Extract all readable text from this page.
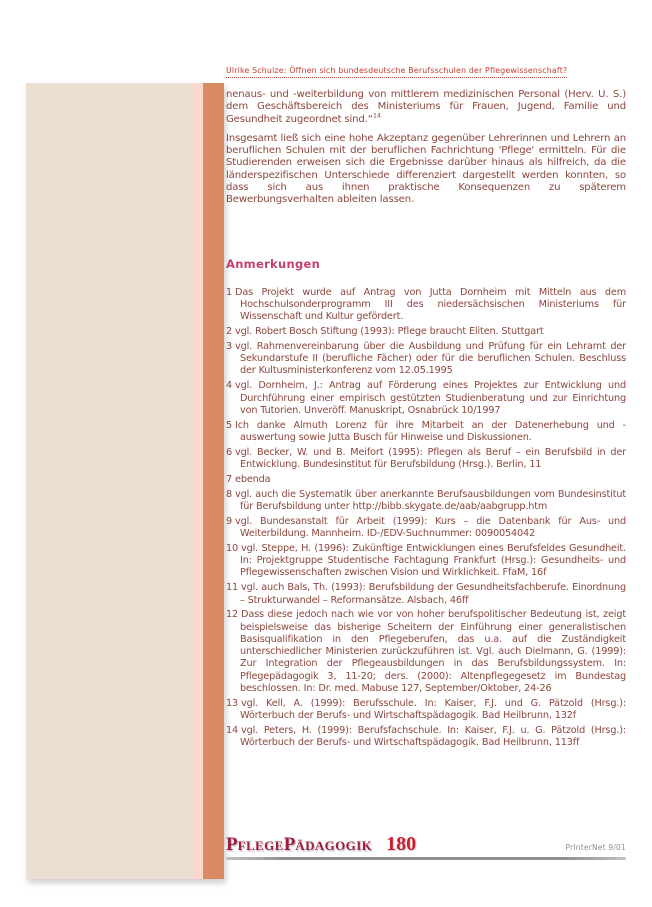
Ulrike Schulze: Öffnen sich bundesdeutsche Berufsschulen der Pflegewissenschaft?

nenaus- und -weiterbildung von mittlerem medizinischen Personal (Herv. U. S.) dem Geschäftsbereich des Ministeriums für Frauen, Jugend, Familie und Gesundheit zugeordnet sind.“$^{14}$

Insgesamt ließ sich eine hohe Akzeptanz gegenüber Lehrerinnen und Lehrern an beruflichen Schulen mit der beruflichen Fachrichtung 'Pflege' ermitteln. Für die Studierenden erweisen sich die Ergebnisse darüber hinaus als hilfreich, da die länderspezifischen Unterschiede differenziert dargestellt werden konnten, so dass sich aus ihnen praktische Konsequenzen zu späterem Bewerbungsverhalten ableiten lassen.

Anmerkungen
1 Das Projekt wurde auf Antrag von Jutta Dornheim mit Mitteln aus dem Hochschulsonderprogramm III des niedersächsischen Ministeriums für Wissenschaft und Kultur gefördert.
2 vgl. Robert Bosch Stiftung (1993): Pflege braucht Eliten. Stuttgart
3 vgl. Rahmenvereinbarung über die Ausbildung und Prüfung für ein Lehramt der Sekundarstufe II (berufliche Fächer) oder für die beruflichen Schulen. Beschluss der Kultusministerkonferenz vom 12.05.1995
4 vgl. Dornheim, J.: Antrag auf Förderung eines Projektes zur Entwicklung und Durchführung einer empirisch gestützten Studienberatung und zur Einrichtung von Tutorien. Unveröff. Manuskript, Osnabrück 10/1997
5 Ich danke Almuth Lorenz für ihre Mitarbeit an der Datenerhebung und -auswertung sowie Jutta Busch für Hinweise und Diskussionen.
6 vgl. Becker, W. und B. Meifort (1995): Pflegen als Beruf – ein Berufsbild in der Entwicklung. Bundesinstitut für Berufsbildung (Hrsg.). Berlin, 11
7 ebenda
8 vgl. auch die Systematik über anerkannte Berufsausbildungen vom Bundesinstitut für Berufsbildung unter http://bibb.skygate.de/aab/aabgrupp.htm
9 vgl. Bundesanstalt für Arbeit (1999): Kurs – die Datenbank für Aus- und Weiterbildung. Mannheim. ID-/EDV-Suchnummer: 0090054042
10 vgl. Steppe, H. (1996): Zukünftige Entwicklungen eines Berufsfeldes Gesundheit. In: Projektgruppe Studentische Fachtagung Frankfurt (Hrsg.): Gesundheits- und Pflegewissenschaften zwischen Vision und Wirklichkeit. FfaM, 16f
11 vgl. auch Bals, Th. (1993): Berufsbildung der Gesundheitsfachberufe. Einordnung – Strukturwandel – Reformansätze. Alsbach, 46ff
12 Dass diese jedoch nach wie vor von hoher berufspolitischer Bedeutung ist, zeigt beispielsweise das bisherige Scheitern der Einführung einer generalistischen Basisqualifikation in den Pflegeberufen, das u.a. auf die Zuständigkeit unterschiedlicher Ministerien zurückzuführen ist. Vgl. auch Dielmann, G. (1999): Zur Integration der Pflegeausbildungen in das Berufsbildungssystem. In: Pflegepädagogik 3, 11-20; ders. (2000): Altenpflegegesetz im Bundestag beschlossen. In: Dr. med. Mabuse 127, September/Oktober, 24-26
13 vgl. Kell, A. (1999): Berufsschule. In: Kaiser, F.J. und G. Pätzold (Hrsg.): Wörterbuch der Berufs- und Wirtschaftspädagogik. Bad Heilbrunn, 132f
14 vgl. Peters, H. (1999): Berufsfachschule. In: Kaiser, F.J. u. G. Pätzold (Hrsg.): Wörterbuch der Berufs- und Wirtschaftspädagogik. Bad Heilbrunn, 113ff
PFLEGEPÄDAGOGIK 180	PrInterNet 9/01
